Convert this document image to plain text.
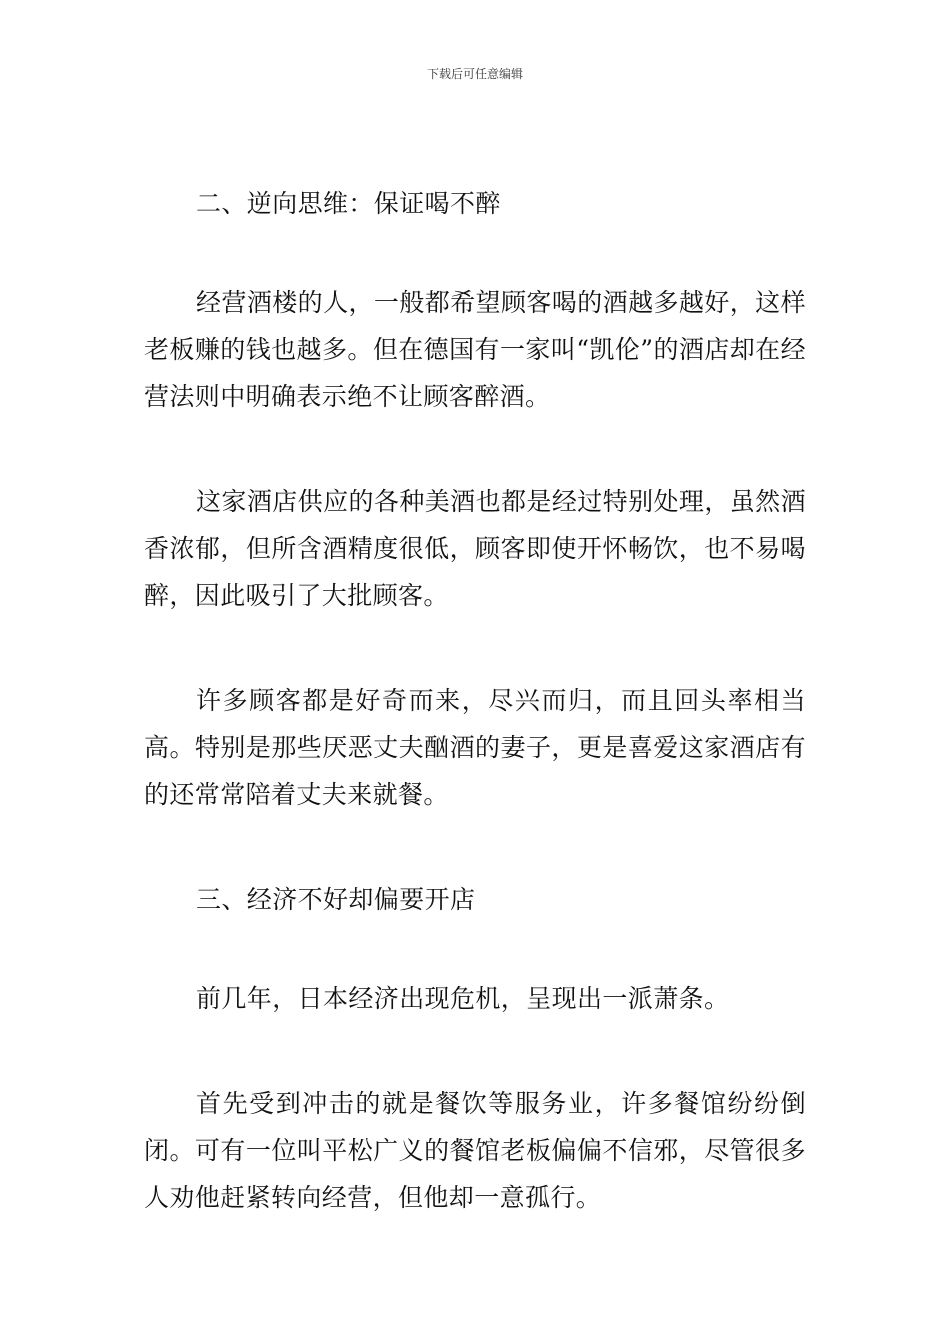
下载后可任意编辑

二、逆向思维：保证喝不醉

经营酒楼的人，一般都希望顾客喝的酒越多越好，这样老板赚的钱也越多。但在德国有一家叫“凯伦”的酒店却在经营法则中明确表示绝不让顾客醉酒。

这家酒店供应的各种美酒也都是经过特别处理，虽然酒香浓郁，但所含酒精度很低，顾客即使开怀畅饮，也不易喝醉，因此吸引了大批顾客。

许多顾客都是好奇而来，尽兴而归，而且回头率相当高。特别是那些厌恶丈夫酗酒的妻子，更是喜爱这家酒店有的还常常陪着丈夫来就餐。

三、经济不好却偏要开店

前几年，日本经济出现危机，呈现出一派萧条。

首先受到冲击的就是餐饮等服务业，许多餐馆纷纷倒闭。可有一位叫平松广义的餐馆老板偏偏不信邪，尽管很多人劝他赶紧转向经营，但他却一意孤行。
